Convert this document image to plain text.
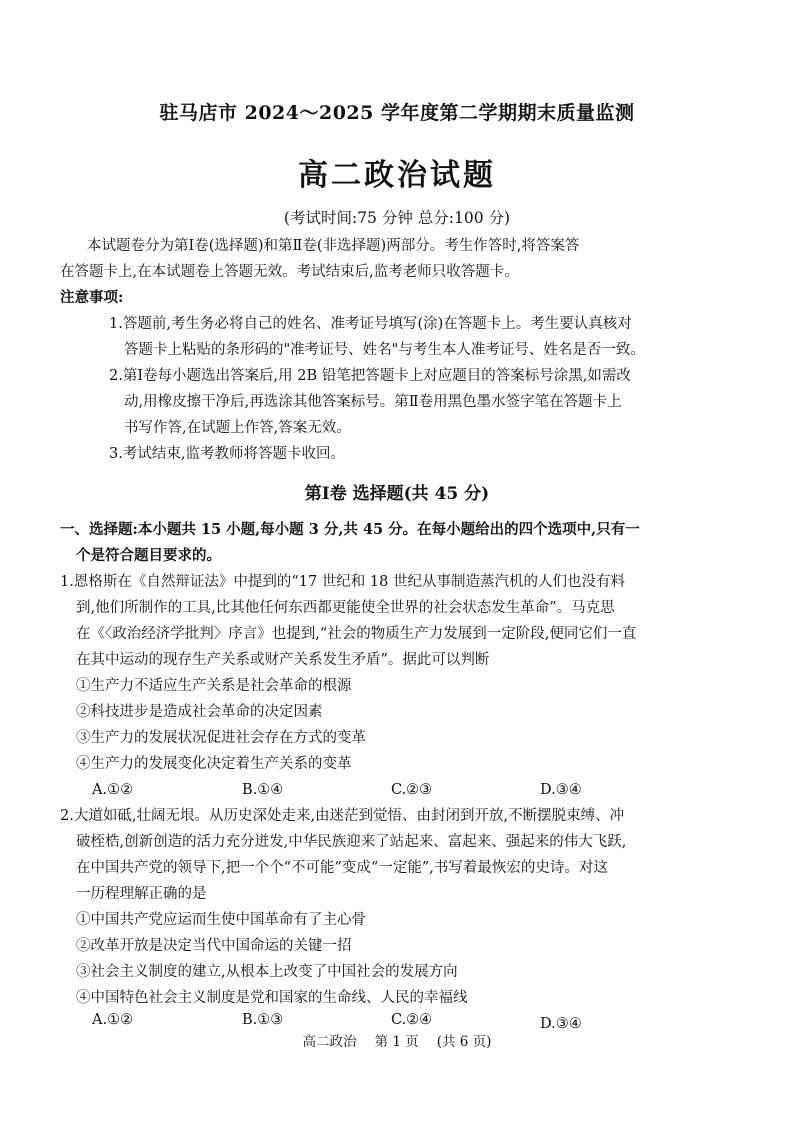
驻马店市 2024～2025 学年度第二学期期末质量监测
高二政治试题
(考试时间:75 分钟 总分:100 分)
本试题卷分为第Ⅰ卷(选择题)和第Ⅱ卷(非选择题)两部分。考生作答时,将答案答
在答题卡上,在本试题卷上答题无效。考试结束后,监考老师只收答题卡。
注意事项:
1.答题前,考生务必将自己的姓名、准考证号填写(涂)在答题卡上。考生要认真核对
答题卡上粘贴的条形码的"准考证号、姓名"与考生本人准考证号、姓名是否一致。
2.第Ⅰ卷每小题选出答案后,用 2B 铅笔把答题卡上对应题目的答案标号涂黑,如需改
动,用橡皮擦干净后,再选涂其他答案标号。第Ⅱ卷用黑色墨水签字笔在答题卡上
书写作答,在试题上作答,答案无效。
3.考试结束,监考教师将答题卡收回。
第Ⅰ卷 选择题(共 45 分)
一、选择题:本小题共 15 小题,每小题 3 分,共 45 分。在每小题给出的四个选项中,只有一
个是符合题目要求的。
1.恩格斯在《自然辩证法》中提到的“17 世纪和 18 世纪从事制造蒸汽机的人们也没有料
到,他们所制作的工具,比其他任何东西都更能使全世界的社会状态发生革命”。马克思
在《〈政治经济学批判〉序言》也提到,“社会的物质生产力发展到一定阶段,便同它们一直
在其中运动的现存生产关系或财产关系发生矛盾”。据此可以判断
①生产力不适应生产关系是社会革命的根源
②科技进步是造成社会革命的决定因素
③生产力的发展状况促进社会存在方式的变革
④生产力的发展变化决定着生产关系的变革
A.①②	B.①④	C.②③	D.③④
2.大道如砥,壮阔无垠。从历史深处走来,由迷茫到觉悟、由封闭到开放,不断摆脱束缚、冲
破桎梏,创新创造的活力充分迸发,中华民族迎来了站起来、富起来、强起来的伟大飞跃,
在中国共产党的领导下,把一个个“不可能”变成“一定能”,书写着最恢宏的史诗。对这
一历程理解正确的是
①中国共产党应运而生使中国革命有了主心骨
②改革开放是决定当代中国命运的关键一招
③社会主义制度的建立,从根本上改变了中国社会的发展方向
④中国特色社会主义制度是党和国家的生命线、人民的幸福线
A.①②	B.①③	C.②④	D.③④
高二政治 第 1 页 (共 6 页)
